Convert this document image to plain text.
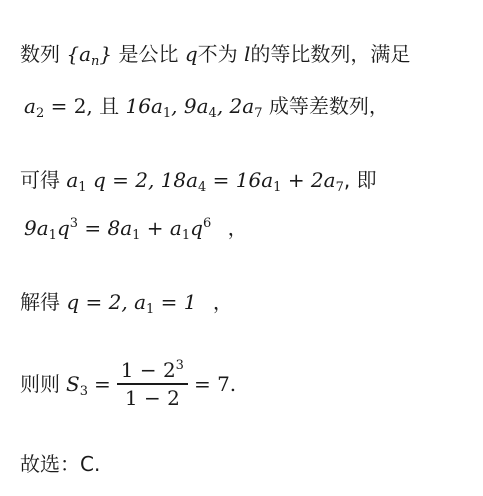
数列 $\{a_n\}$ 是公比 q不为 l的等比数列，满足
$a_2 = 2$, 且 $16a_1$, $9a_4$, $2a_7$ 成等差数列，
可得 $a_1$ q = 2, $18a_4 = 16a_1 + 2a_7$, 即
$9a_1q^3 = 8a_1 + a_1q^6$ ，
解得 q = 2, $a_1 = 1$ ，
则则 $S_3 = \frac{1 - 2^3}{1 - 2} = 7$.
故选：C.
